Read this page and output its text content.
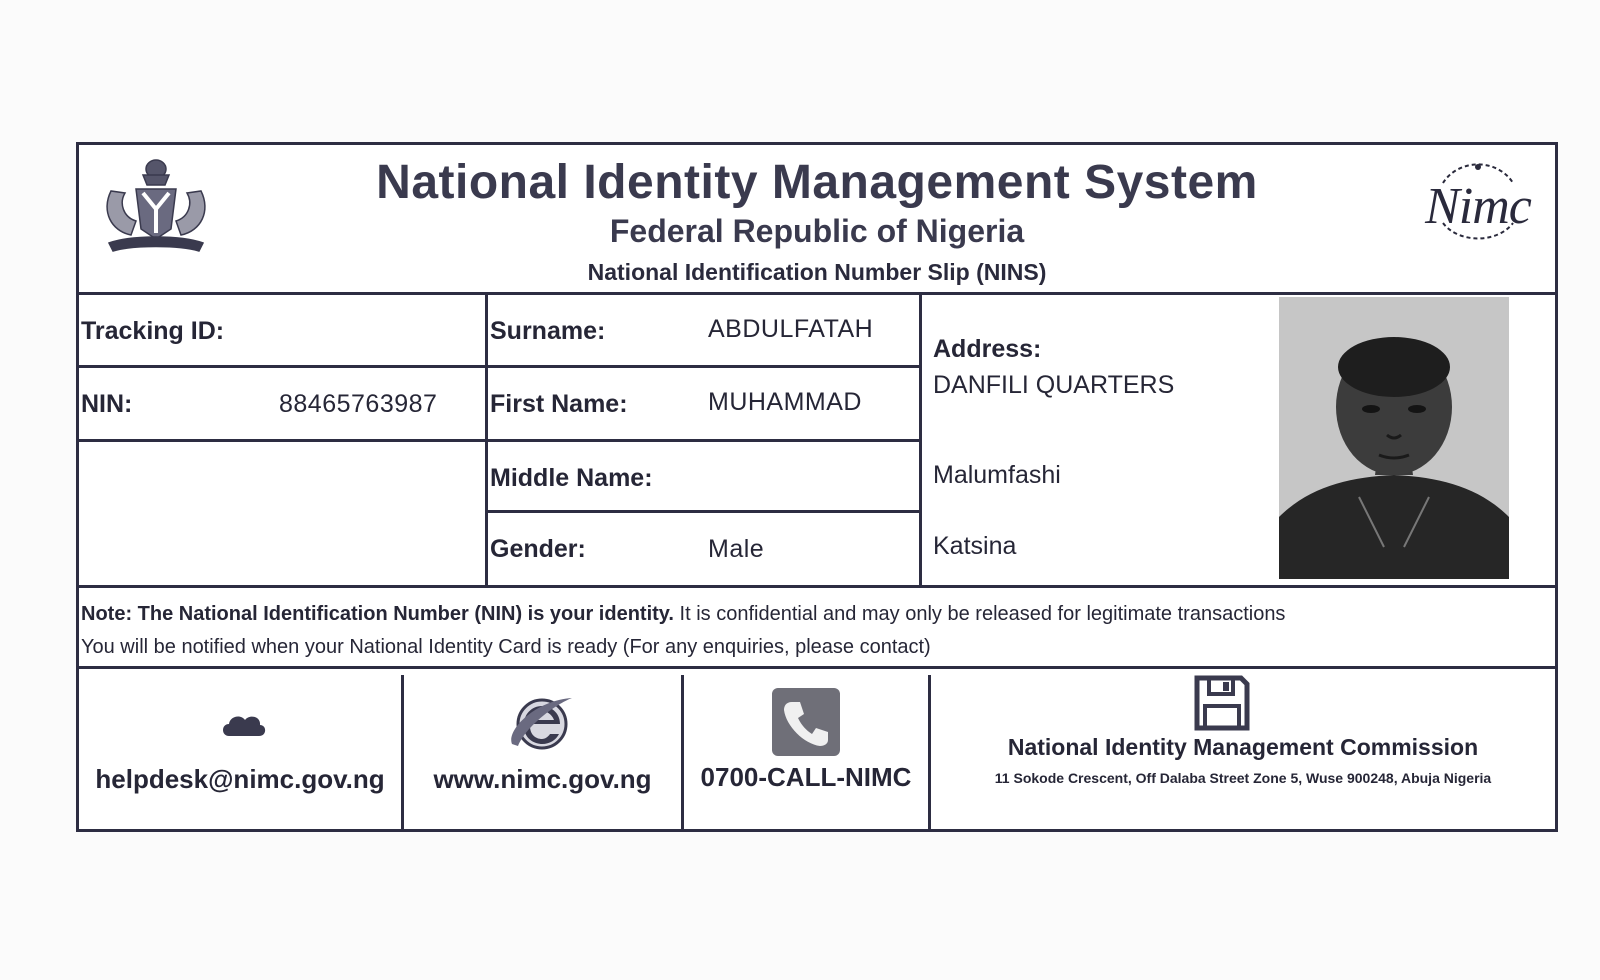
National Identity Management System
Federal Republic of Nigeria
National Identification Number Slip (NINS)
Nimc
Tracking ID:
NIN:	88465763987
Surname:	ABDULFATAH
First Name:	MUHAMMAD
Middle Name:
Gender:	Male
Address:
DANFILI QUARTERS
Malumfashi
Katsina
Note: The National Identification Number (NIN) is your identity. It is confidential and may only be released for legitimate transactions
You will be notified when your National Identity Card is ready (For any enquiries, please contact)
helpdesk@nimc.gov.ng	www.nimc.gov.ng	0700-CALL-NIMC
National Identity Management Commission
11 Sokode Crescent, Off Dalaba Street Zone 5, Wuse 900248, Abuja Nigeria
